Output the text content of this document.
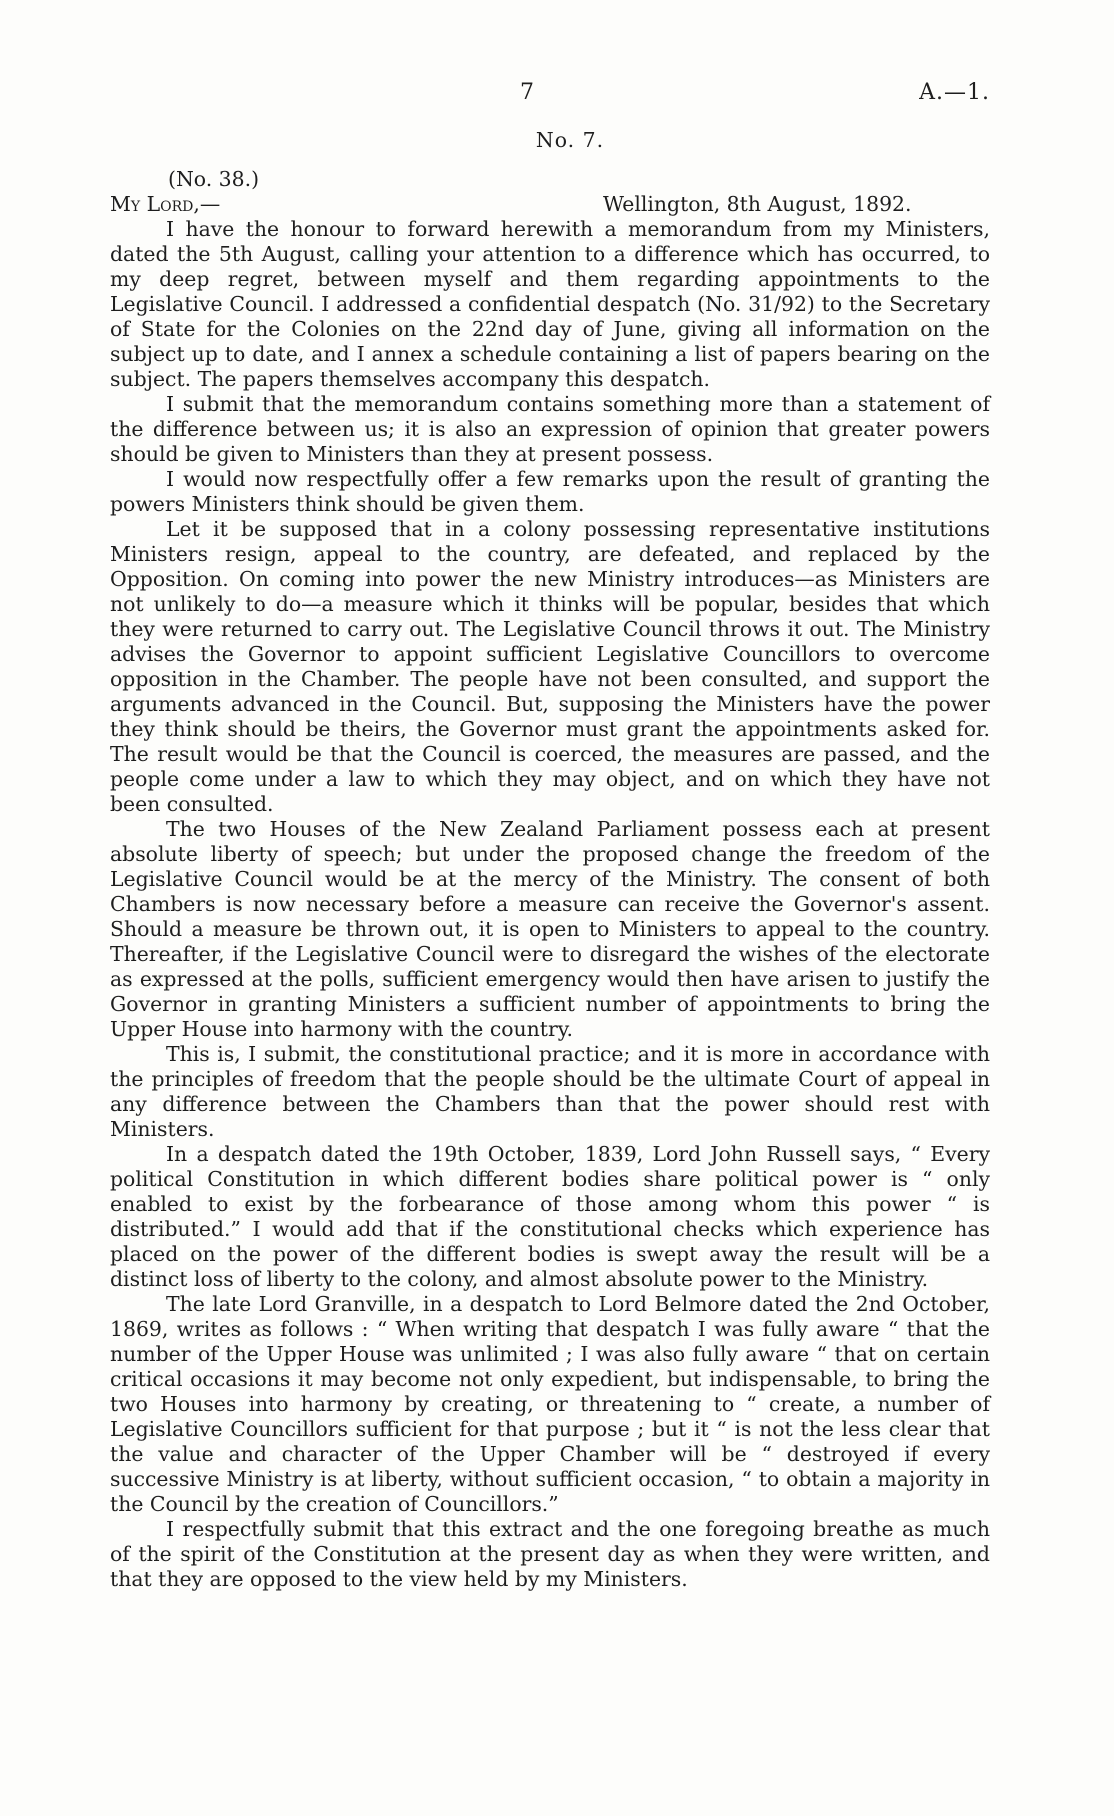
7	A.—1.
No. 7.
(No. 38.)
My Lord,—	Wellington, 8th August, 1892.

I have the honour to forward herewith a memorandum from my Ministers, dated the 5th August, calling your attention to a difference which has occurred, to my deep regret, between myself and them regarding appointments to the Legislative Council. I addressed a confidential despatch (No. 31/92) to the Secretary of State for the Colonies on the 22nd day of June, giving all information on the subject up to date, and I annex a schedule containing a list of papers bearing on the subject. The papers themselves accompany this despatch.

I submit that the memorandum contains something more than a statement of the difference between us; it is also an expression of opinion that greater powers should be given to Ministers than they at present possess.

I would now respectfully offer a few remarks upon the result of granting the powers Ministers think should be given them.

Let it be supposed that in a colony possessing representative institutions Ministers resign, appeal to the country, are defeated, and replaced by the Opposition. On coming into power the new Ministry introduces—as Ministers are not unlikely to do—a measure which it thinks will be popular, besides that which they were returned to carry out. The Legislative Council throws it out. The Ministry advises the Governor to appoint sufficient Legislative Councillors to overcome opposition in the Chamber. The people have not been consulted, and support the arguments advanced in the Council. But, supposing the Ministers have the power they think should be theirs, the Governor must grant the appointments asked for. The result would be that the Council is coerced, the measures are passed, and the people come under a law to which they may object, and on which they have not been consulted.

The two Houses of the New Zealand Parliament possess each at present absolute liberty of speech; but under the proposed change the freedom of the Legislative Council would be at the mercy of the Ministry. The consent of both Chambers is now necessary before a measure can receive the Governor's assent. Should a measure be thrown out, it is open to Ministers to appeal to the country. Thereafter, if the Legislative Council were to disregard the wishes of the electorate as expressed at the polls, sufficient emergency would then have arisen to justify the Governor in granting Ministers a sufficient number of appointments to bring the Upper House into harmony with the country.

This is, I submit, the constitutional practice; and it is more in accordance with the principles of freedom that the people should be the ultimate Court of appeal in any difference between the Chambers than that the power should rest with Ministers.

In a despatch dated the 19th October, 1839, Lord John Russell says, “ Every political Constitution in which different bodies share political power is “ only enabled to exist by the forbearance of those among whom this power “ is distributed.” I would add that if the constitutional checks which experience has placed on the power of the different bodies is swept away the result will be a distinct loss of liberty to the colony, and almost absolute power to the Ministry.

The late Lord Granville, in a despatch to Lord Belmore dated the 2nd October, 1869, writes as follows : “ When writing that despatch I was fully aware “ that the number of the Upper House was unlimited ; I was also fully aware “ that on certain critical occasions it may become not only expedient, but indispensable, to bring the two Houses into harmony by creating, or threatening to “ create, a number of Legislative Councillors sufficient for that purpose ; but it “ is not the less clear that the value and character of the Upper Chamber will be “ destroyed if every successive Ministry is at liberty, without sufficient occasion, “ to obtain a majority in the Council by the creation of Councillors.”

I respectfully submit that this extract and the one foregoing breathe as much of the spirit of the Constitution at the present day as when they were written, and that they are opposed to the view held by my Ministers.
